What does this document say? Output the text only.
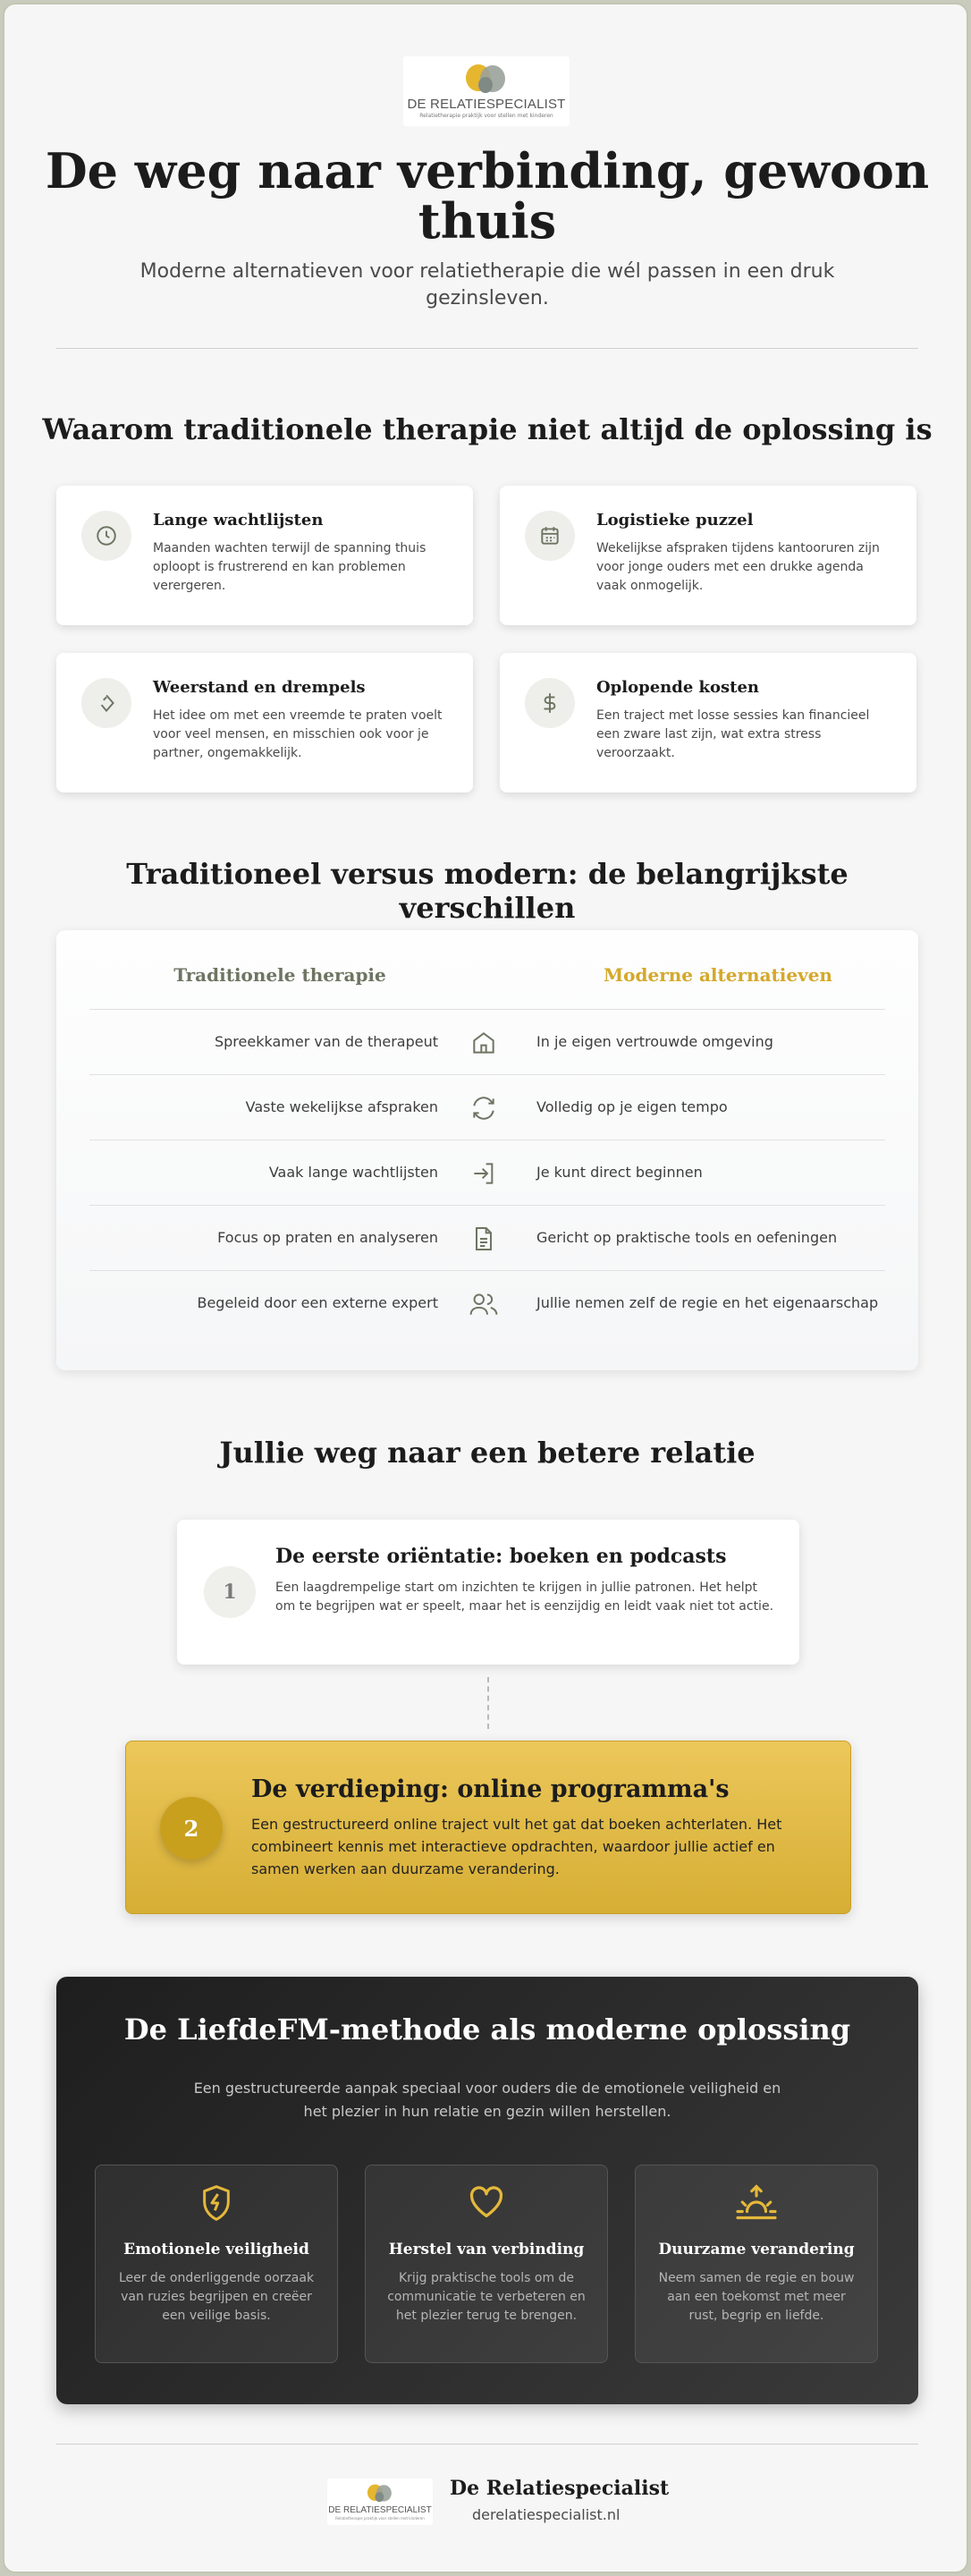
DE RELATIESPECIALIST
Relatietherapie praktijk voor stellen met kinderen
De weg naar verbinding, gewoon thuis

Moderne alternatieven voor relatietherapie die wél passen in een druk gezinsleven.

Waarom traditionele therapie niet altijd de oplossing is
Lange wachtlijsten
Maanden wachten terwijl de spanning thuis oploopt is frustrerend en kan problemen verergeren.
Logistieke puzzel
Wekelijkse afspraken tijdens kantooruren zijn voor jonge ouders met een drukke agenda vaak onmogelijk.
Weerstand en drempels
Het idee om met een vreemde te praten voelt voor veel mensen, en misschien ook voor je partner, ongemakkelijk.
Oplopende kosten
Een traject met losse sessies kan financieel een zware last zijn, wat extra stress veroorzaakt.
Traditioneel versus modern: de belangrijkste verschillen
Traditionele therapie	Moderne alternatieven
Spreekkamer van de therapeut	In je eigen vertrouwde omgeving
Vaste wekelijkse afspraken	Volledig op je eigen tempo
Vaak lange wachtlijsten	Je kunt direct beginnen
Focus op praten en analyseren	Gericht op praktische tools en oefeningen
Begeleid door een externe expert	Jullie nemen zelf de regie en het eigenaarschap
Jullie weg naar een betere relatie
1
De eerste oriëntatie: boeken en podcasts
Een laagdrempelige start om inzichten te krijgen in jullie patronen. Het helpt om te begrijpen wat er speelt, maar het is eenzijdig en leidt vaak niet tot actie.
2
De verdieping: online programma's
Een gestructureerd online traject vult het gat dat boeken achterlaten. Het combineert kennis met interactieve opdrachten, waardoor jullie actief en samen werken aan duurzame verandering.
De LiefdeFM-methode als moderne oplossing

Een gestructureerde aanpak speciaal voor ouders die de emotionele veiligheid en het plezier in hun relatie en gezin willen herstellen.

Emotionele veiligheid
Leer de onderliggende oorzaak van ruzies begrijpen en creëer een veilige basis.
Herstel van verbinding
Krijg praktische tools om de communicatie te verbeteren en het plezier terug te brengen.
Duurzame verandering
Neem samen de regie en bouw aan een toekomst met meer rust, begrip en liefde.
DE RELATIESPECIALIST
Relatietherapie praktijk voor stellen met kinderen
De Relatiespecialist
derelatiespecialist.nl
